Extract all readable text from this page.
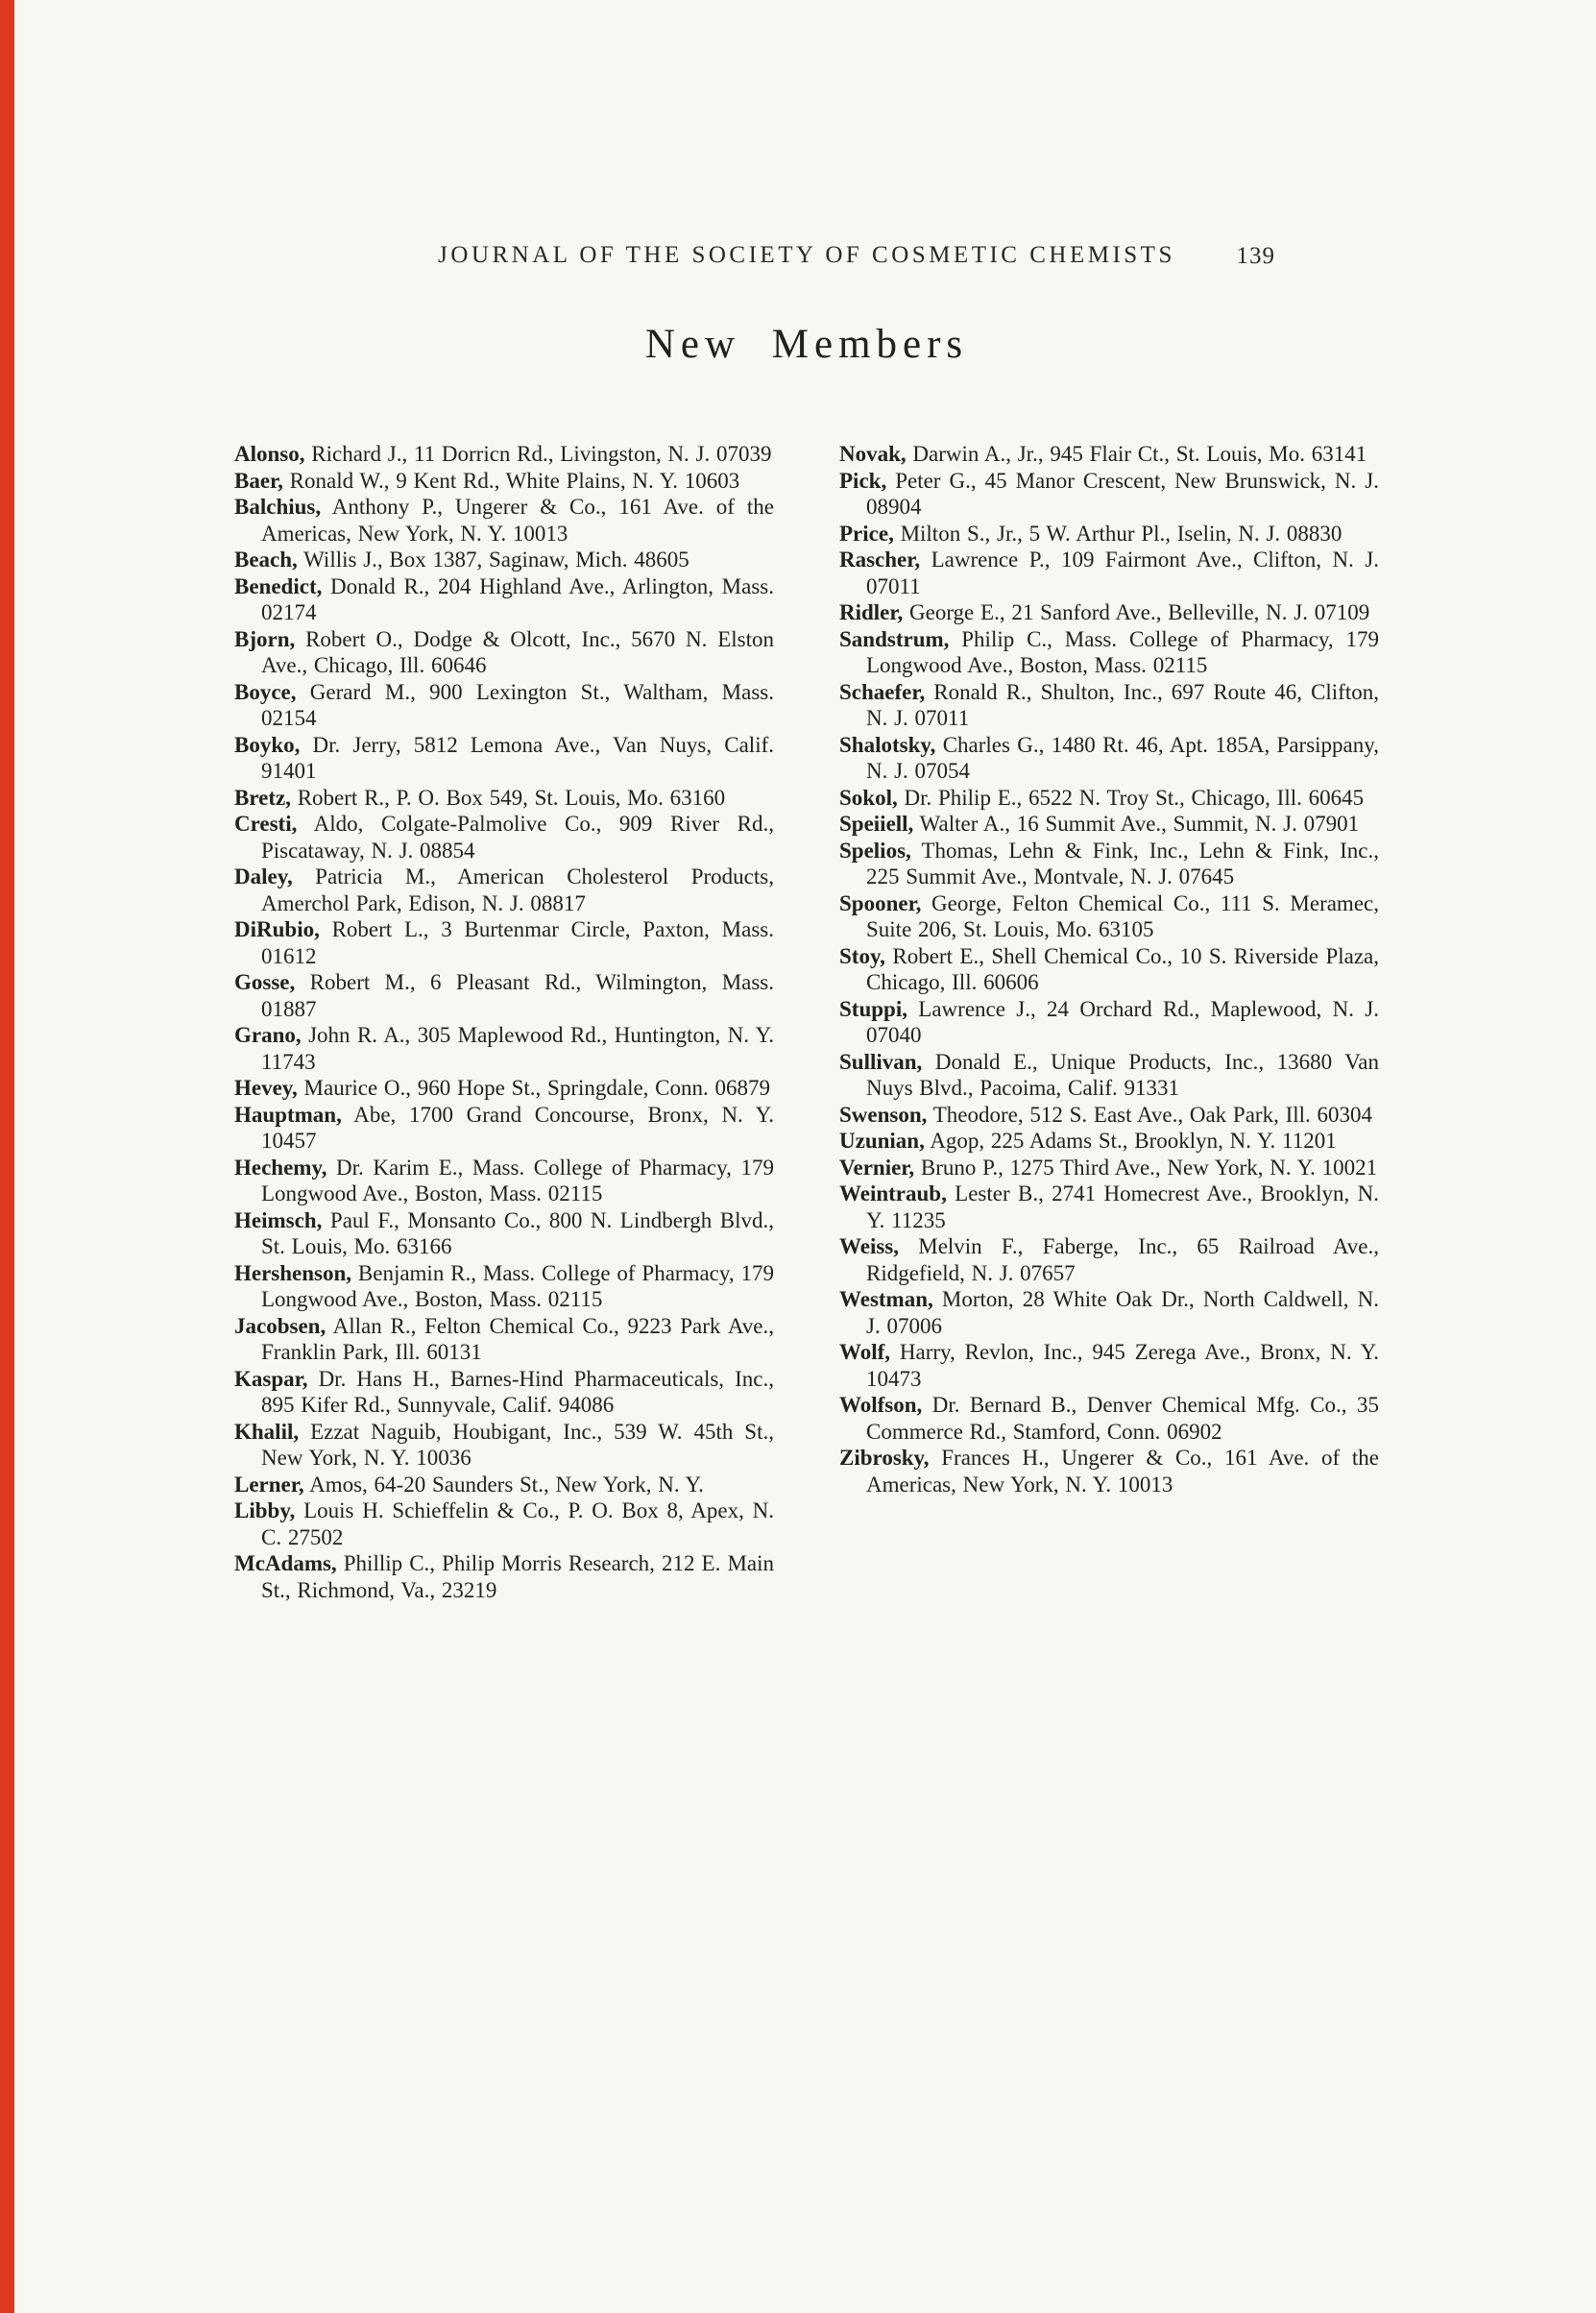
JOURNAL OF THE SOCIETY OF COSMETIC CHEMISTS	139
New Members

Alonso, Richard J., 11 Dorricn Rd., Livingston, N. J. 07039

Baer, Ronald W., 9 Kent Rd., White Plains, N. Y. 10603

Balchius, Anthony P., Ungerer & Co., 161 Ave. of the Americas, New York, N. Y. 10013

Beach, Willis J., Box 1387, Saginaw, Mich. 48605

Benedict, Donald R., 204 Highland Ave., Arlington, Mass. 02174

Bjorn, Robert O., Dodge & Olcott, Inc., 5670 N. Elston Ave., Chicago, Ill. 60646

Boyce, Gerard M., 900 Lexington St., Waltham, Mass. 02154

Boyko, Dr. Jerry, 5812 Lemona Ave., Van Nuys, Calif. 91401

Bretz, Robert R., P. O. Box 549, St. Louis, Mo. 63160

Cresti, Aldo, Colgate-Palmolive Co., 909 River Rd., Piscataway, N. J. 08854

Daley, Patricia M., American Cholesterol Products, Amerchol Park, Edison, N. J. 08817

DiRubio, Robert L., 3 Burtenmar Circle, Paxton, Mass. 01612

Gosse, Robert M., 6 Pleasant Rd., Wilmington, Mass. 01887

Grano, John R. A., 305 Maplewood Rd., Huntington, N. Y. 11743

Hevey, Maurice O., 960 Hope St., Springdale, Conn. 06879

Hauptman, Abe, 1700 Grand Concourse, Bronx, N. Y. 10457

Hechemy, Dr. Karim E., Mass. College of Pharmacy, 179 Longwood Ave., Boston, Mass. 02115

Heimsch, Paul F., Monsanto Co., 800 N. Lindbergh Blvd., St. Louis, Mo. 63166

Hershenson, Benjamin R., Mass. College of Pharmacy, 179 Longwood Ave., Boston, Mass. 02115

Jacobsen, Allan R., Felton Chemical Co., 9223 Park Ave., Franklin Park, Ill. 60131

Kaspar, Dr. Hans H., Barnes-Hind Pharmaceuticals, Inc., 895 Kifer Rd., Sunnyvale, Calif. 94086

Khalil, Ezzat Naguib, Houbigant, Inc., 539 W. 45th St., New York, N. Y. 10036

Lerner, Amos, 64-20 Saunders St., New York, N. Y.

Libby, Louis H. Schieffelin & Co., P. O. Box 8, Apex, N. C. 27502

McAdams, Phillip C., Philip Morris Research, 212 E. Main St., Richmond, Va., 23219

Novak, Darwin A., Jr., 945 Flair Ct., St. Louis, Mo. 63141

Pick, Peter G., 45 Manor Crescent, New Brunswick, N. J. 08904

Price, Milton S., Jr., 5 W. Arthur Pl., Iselin, N. J. 08830

Rascher, Lawrence P., 109 Fairmont Ave., Clifton, N. J. 07011

Ridler, George E., 21 Sanford Ave., Belleville, N. J. 07109

Sandstrum, Philip C., Mass. College of Pharmacy, 179 Longwood Ave., Boston, Mass. 02115

Schaefer, Ronald R., Shulton, Inc., 697 Route 46, Clifton, N. J. 07011

Shalotsky, Charles G., 1480 Rt. 46, Apt. 185A, Parsippany, N. J. 07054

Sokol, Dr. Philip E., 6522 N. Troy St., Chicago, Ill. 60645

Speiiell, Walter A., 16 Summit Ave., Summit, N. J. 07901

Spelios, Thomas, Lehn & Fink, Inc., Lehn & Fink, Inc., 225 Summit Ave., Montvale, N. J. 07645

Spooner, George, Felton Chemical Co., 111 S. Meramec, Suite 206, St. Louis, Mo. 63105

Stoy, Robert E., Shell Chemical Co., 10 S. Riverside Plaza, Chicago, Ill. 60606

Stuppi, Lawrence J., 24 Orchard Rd., Maplewood, N. J. 07040

Sullivan, Donald E., Unique Products, Inc., 13680 Van Nuys Blvd., Pacoima, Calif. 91331

Swenson, Theodore, 512 S. East Ave., Oak Park, Ill. 60304

Uzunian, Agop, 225 Adams St., Brooklyn, N. Y. 11201

Vernier, Bruno P., 1275 Third Ave., New York, N. Y. 10021

Weintraub, Lester B., 2741 Homecrest Ave., Brooklyn, N. Y. 11235

Weiss, Melvin F., Faberge, Inc., 65 Railroad Ave., Ridgefield, N. J. 07657

Westman, Morton, 28 White Oak Dr., North Caldwell, N. J. 07006

Wolf, Harry, Revlon, Inc., 945 Zerega Ave., Bronx, N. Y. 10473

Wolfson, Dr. Bernard B., Denver Chemical Mfg. Co., 35 Commerce Rd., Stamford, Conn. 06902

Zibrosky, Frances H., Ungerer & Co., 161 Ave. of the Americas, New York, N. Y. 10013
